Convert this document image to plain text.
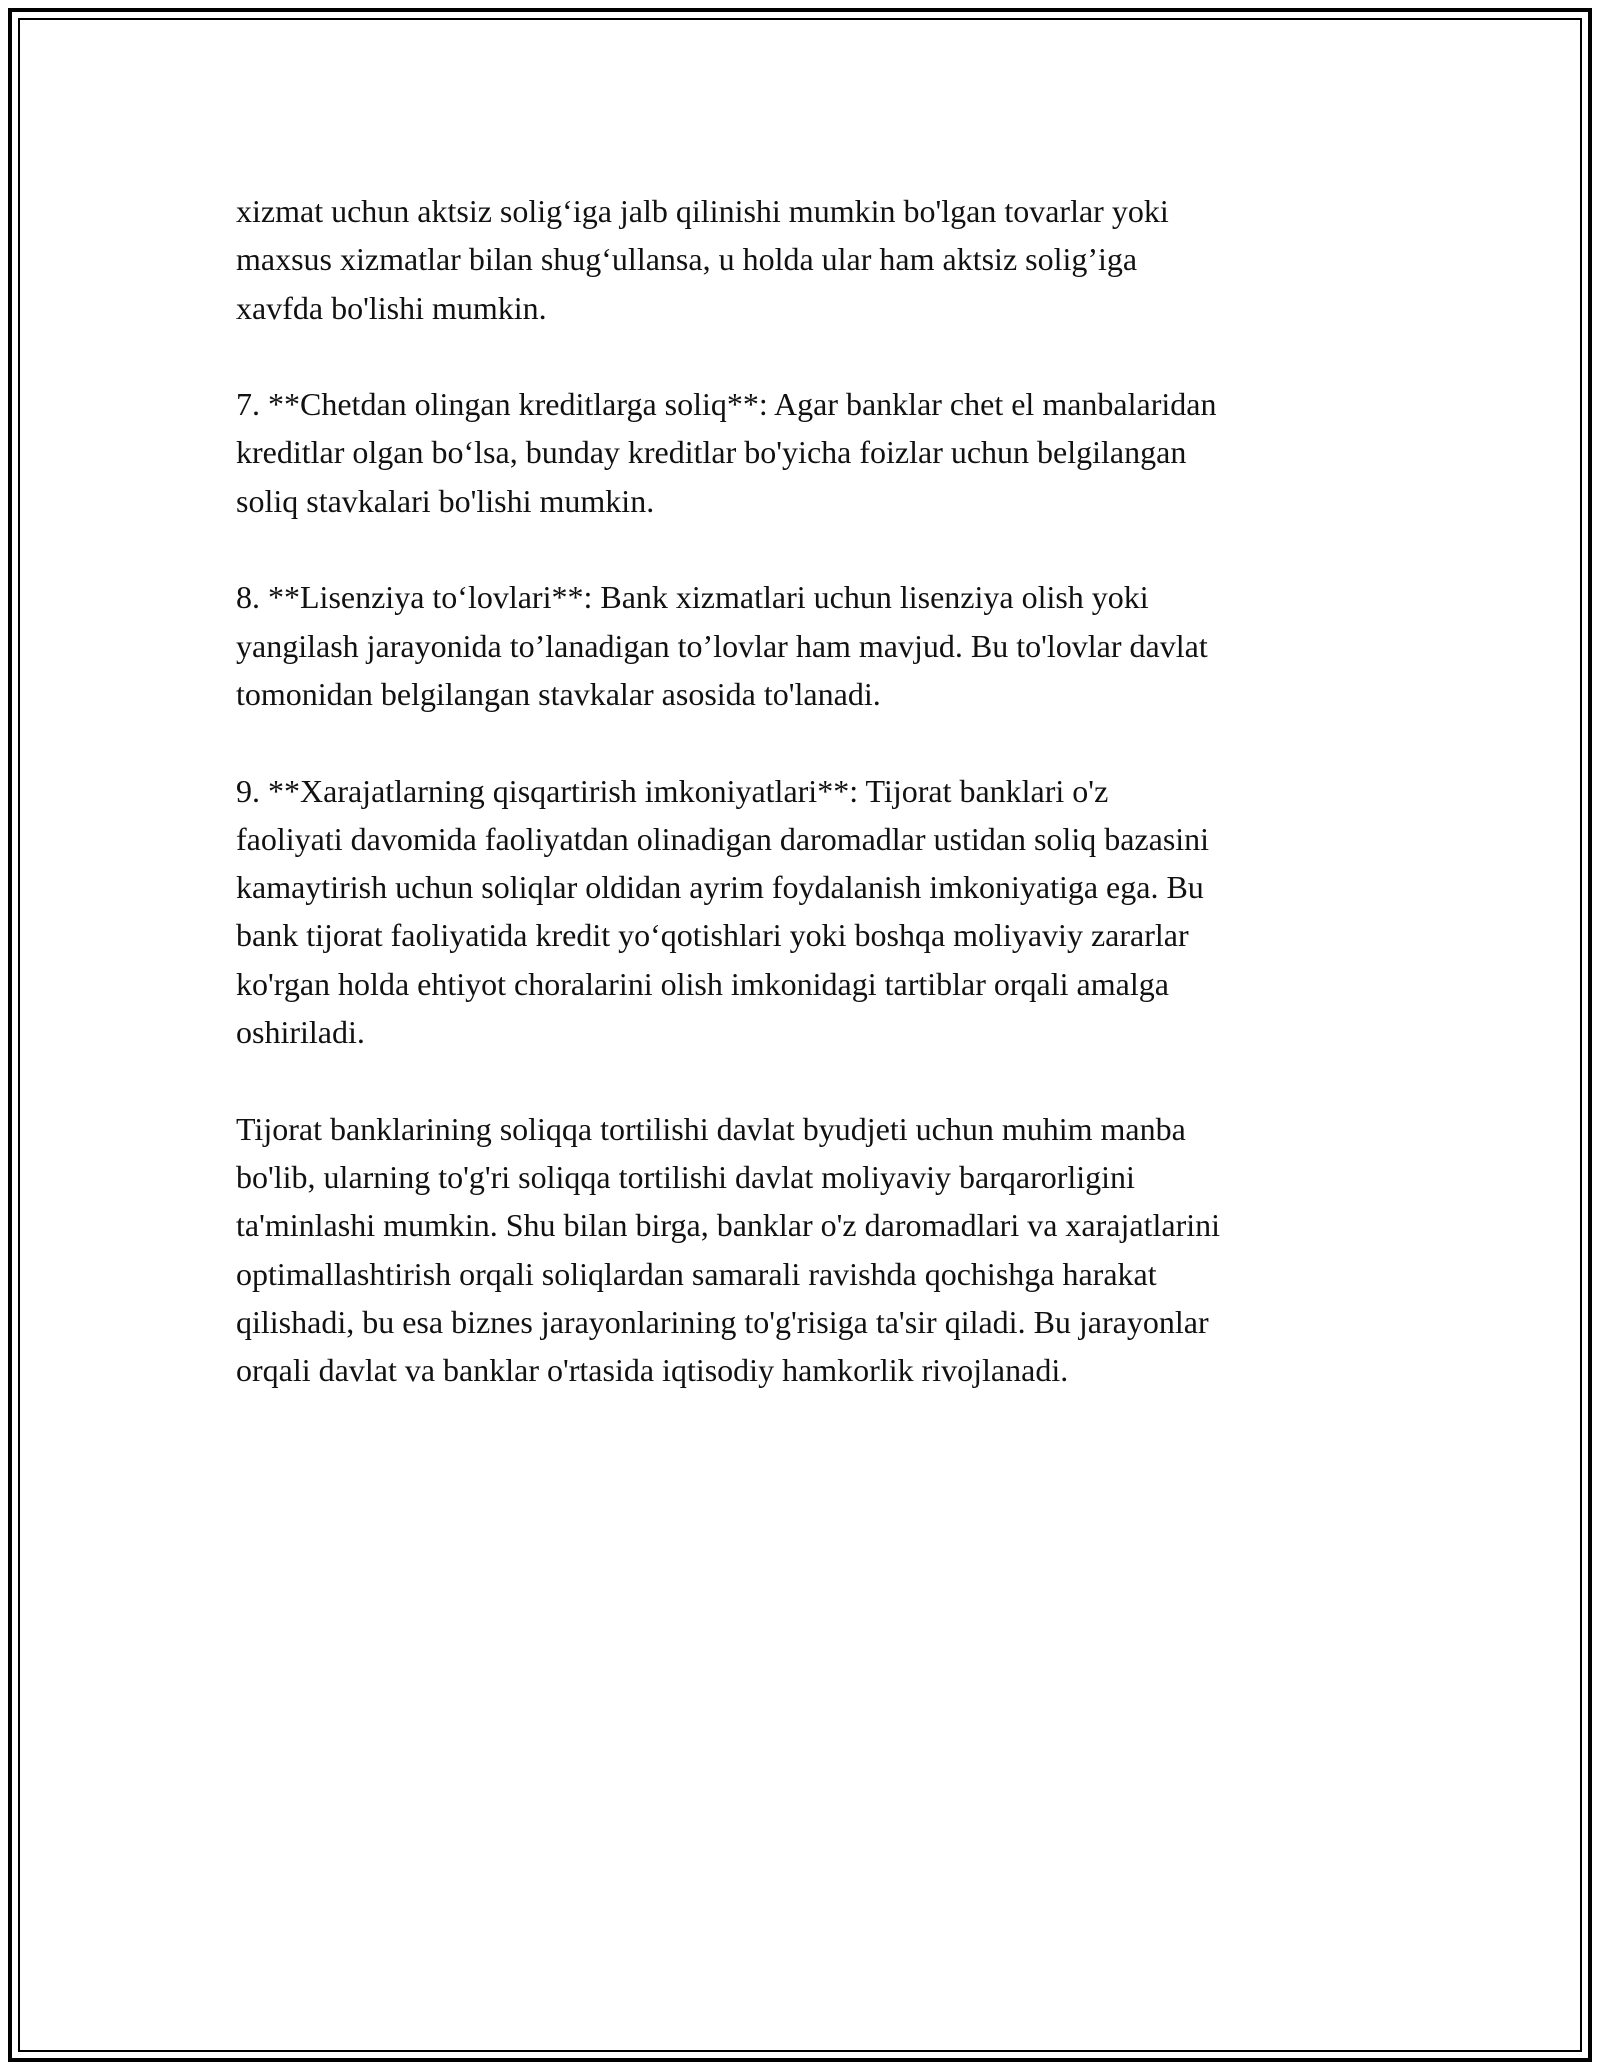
xizmat uchun aktsiz solig‘iga jalb qilinishi mumkin bo'lgan tovarlar yoki
maxsus xizmatlar bilan shug‘ullansa, u holda ular ham aktsiz solig’iga
xavfda bo'lishi mumkin.

7. **Chetdan olingan kreditlarga soliq**: Agar banklar chet el manbalaridan
kreditlar olgan bo‘lsa, bunday kreditlar bo'yicha foizlar uchun belgilangan
soliq stavkalari bo'lishi mumkin.

8. **Lisenziya to‘lovlari**: Bank xizmatlari uchun lisenziya olish yoki
yangilash jarayonida to’lanadigan to’lovlar ham mavjud. Bu to'lovlar davlat
tomonidan belgilangan stavkalar asosida to'lanadi.

9. **Xarajatlarning qisqartirish imkoniyatlari**: Tijorat banklari o'z
faoliyati davomida faoliyatdan olinadigan daromadlar ustidan soliq bazasini
kamaytirish uchun soliqlar oldidan ayrim foydalanish imkoniyatiga ega. Bu
bank tijorat faoliyatida kredit yo‘qotishlari yoki boshqa moliyaviy zararlar
ko'rgan holda ehtiyot choralarini olish imkonidagi tartiblar orqali amalga
oshiriladi.

Tijorat banklarining soliqqa tortilishi davlat byudjeti uchun muhim manba
bo'lib, ularning to'g'ri soliqqa tortilishi davlat moliyaviy barqarorligini
ta'minlashi mumkin. Shu bilan birga, banklar o'z daromadlari va xarajatlarini
optimallashtirish orqali soliqlardan samarali ravishda qochishga harakat
qilishadi, bu esa biznes jarayonlarining to'g'risiga ta'sir qiladi. Bu jarayonlar
orqali davlat va banklar o'rtasida iqtisodiy hamkorlik rivojlanadi.
